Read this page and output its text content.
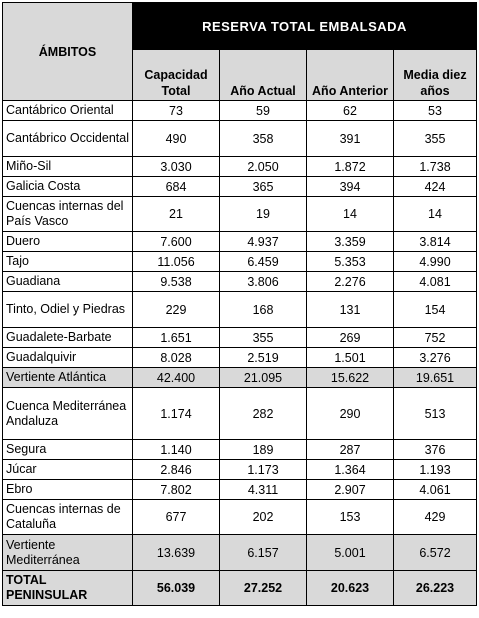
ÁMBITOS	RESERVA TOTAL EMBALSADA			
	Capacidad Total	Año Actual	Año Anterior	Media diez años
Cantábrico Oriental	73	59	62	53
Cantábrico Occidental	490	358	391	355
Miño-Sil	3.030	2.050	1.872	1.738
Galicia Costa	684	365	394	424
Cuencas internas del País Vasco	21	19	14	14
Duero	7.600	4.937	3.359	3.814
Tajo	11.056	6.459	5.353	4.990
Guadiana	9.538	3.806	2.276	4.081
Tinto, Odiel y Piedras	229	168	131	154
Guadalete-Barbate	1.651	355	269	752
Guadalquivir	8.028	2.519	1.501	3.276
Vertiente Atlántica	42.400	21.095	15.622	19.651
Cuenca Mediterránea Andaluza	1.174	282	290	513
Segura	1.140	189	287	376
Júcar	2.846	1.173	1.364	1.193
Ebro	7.802	4.311	2.907	4.061
Cuencas internas de Cataluña	677	202	153	429
Vertiente Mediterránea	13.639	6.157	5.001	6.572
TOTAL PENINSULAR	56.039	27.252	20.623	26.223
